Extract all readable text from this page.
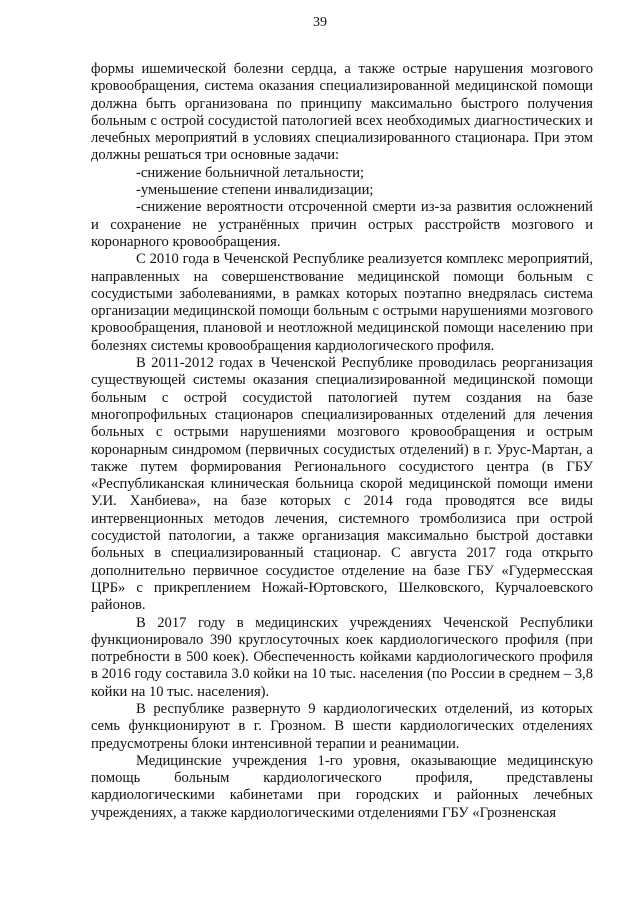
39

формы ишемической болезни сердца, а также острые нарушения мозгового кровообращения, система оказания специализированной медицинской помощи должна быть организована по принципу максимально быстрого получения больным с острой сосудистой патологией всех необходимых диагностических и лечебных мероприятий в условиях специализированного стационара. При этом должны решаться три основные задачи:

-снижение больничной летальности;

-уменьшение степени инвалидизации;

-снижение вероятности отсроченной смерти из-за развития осложнений и сохранение не устранённых причин острых расстройств мозгового и коронарного кровообращения.

С 2010 года в Чеченской Республике реализуется комплекс мероприятий, направленных на совершенствование медицинской помощи больным с сосудистыми заболеваниями, в рамках которых поэтапно внедрялась система организации медицинской помощи больным с острыми нарушениями мозгового кровообращения, плановой и неотложной медицинской помощи населению при болезнях системы кровообращения кардиологического профиля.

В 2011-2012 годах в Чеченской Республике проводилась реорганизация существующей системы оказания специализированной медицинской помощи больным с острой сосудистой патологией путем создания на базе многопрофильных стационаров специализированных отделений для лечения больных с острыми нарушениями мозгового кровообращения и острым коронарным синдромом (первичных сосудистых отделений) в г. Урус-Мартан, а также путем формирования Регионального сосудистого центра (в ГБУ «Республиканская клиническая больница скорой медицинской помощи имени У.И. Ханбиева», на базе которых с 2014 года проводятся все виды интервенционных методов лечения, системного тромболизиса при острой сосудистой патологии, а также организация максимально быстрой доставки больных в специализированный стационар. С августа 2017 года открыто дополнительно первичное сосудистое отделение на базе ГБУ «Гудермесская ЦРБ» с прикреплением Ножай-Юртовского, Шелковского, Курчалоевского районов.

В 2017 году в медицинских учреждениях Чеченской Республики функционировало 390 круглосуточных коек кардиологического профиля (при потребности в 500 коек). Обеспеченность койками кардиологического профиля в 2016 году составила 3.0 койки на 10 тыс. населения (по России в среднем – 3,8 койки на 10 тыс. населения).

В республике развернуто 9 кардиологических отделений, из которых семь функционируют в г. Грозном. В шести кардиологических отделениях предусмотрены блоки интенсивной терапии и реанимации.

Медицинские учреждения 1-го уровня, оказывающие медицинскую помощь больным кардиологического профиля, представлены кардиологическими кабинетами при городских и районных лечебных учреждениях, а также кардиологическими отделениями ГБУ «Грозненская
